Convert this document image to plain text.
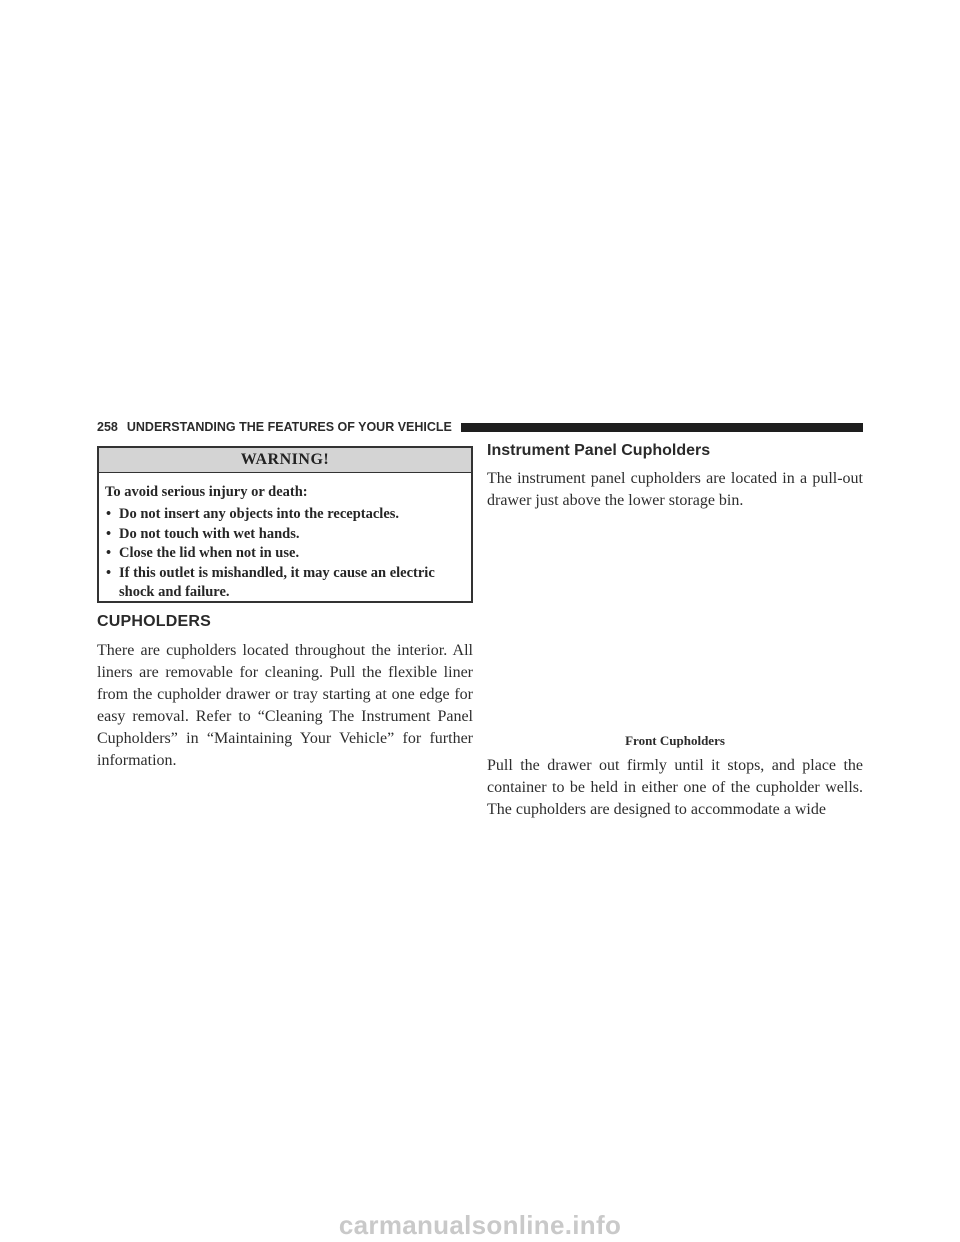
258 UNDERSTANDING THE FEATURES OF YOUR VEHICLE
WARNING!
To avoid serious injury or death:
• Do not insert any objects into the receptacles.
• Do not touch with wet hands.
• Close the lid when not in use.
• If this outlet is mishandled, it may cause an electric shock and failure.
CUPHOLDERS

There are cupholders located throughout the interior. All liners are removable for cleaning. Pull the flexible liner from the cupholder drawer or tray starting at one edge for easy removal. Refer to “Cleaning The Instrument Panel Cupholders” in “Maintaining Your Vehicle” for further information.

Instrument Panel Cupholders

The instrument panel cupholders are located in a pull-out drawer just above the lower storage bin.

Front Cupholders

Pull the drawer out firmly until it stops, and place the container to be held in either one of the cupholder wells. The cupholders are designed to accommodate a wide

carmanualsonline.info
